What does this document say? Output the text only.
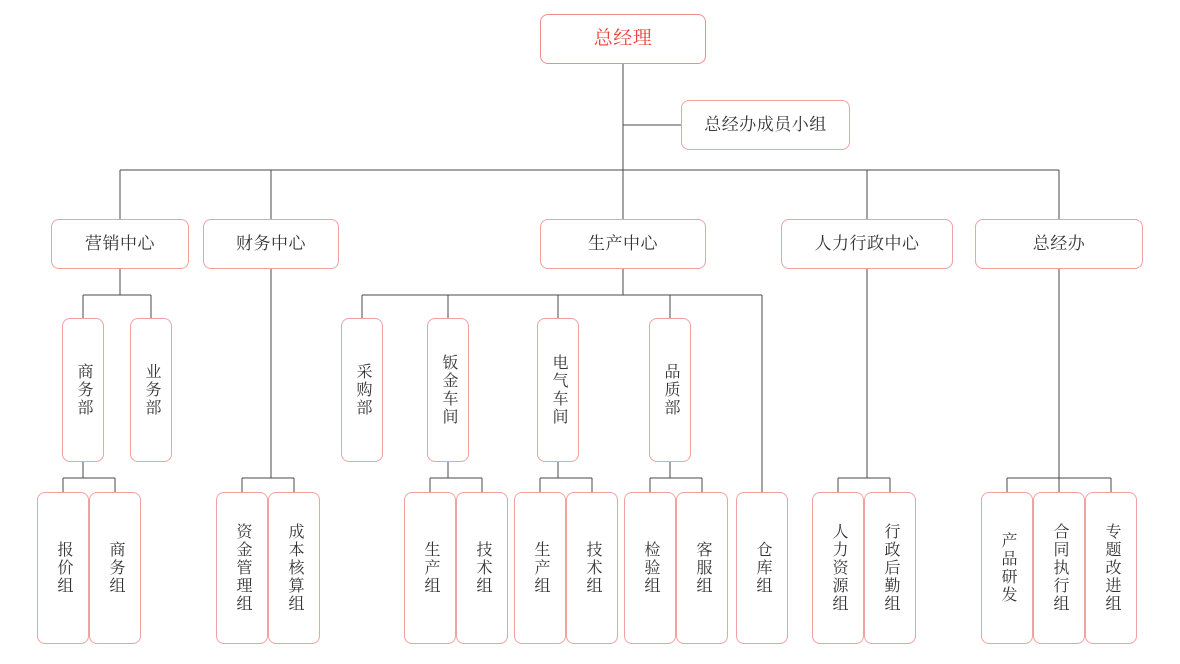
总经理
总经办成员小组
营销中心	财务中心	生产中心	人力行政中心	总经办
商务部	业务部	采购部	钣金车间	电气车间	品质部
报价组 商务组	资金管理组 成本核算组	生产组 技术组	生产组 技术组	检验组 客服组	仓库组	人力资源组 行政后勤组	产品研发 合同执行组 专题改进组
